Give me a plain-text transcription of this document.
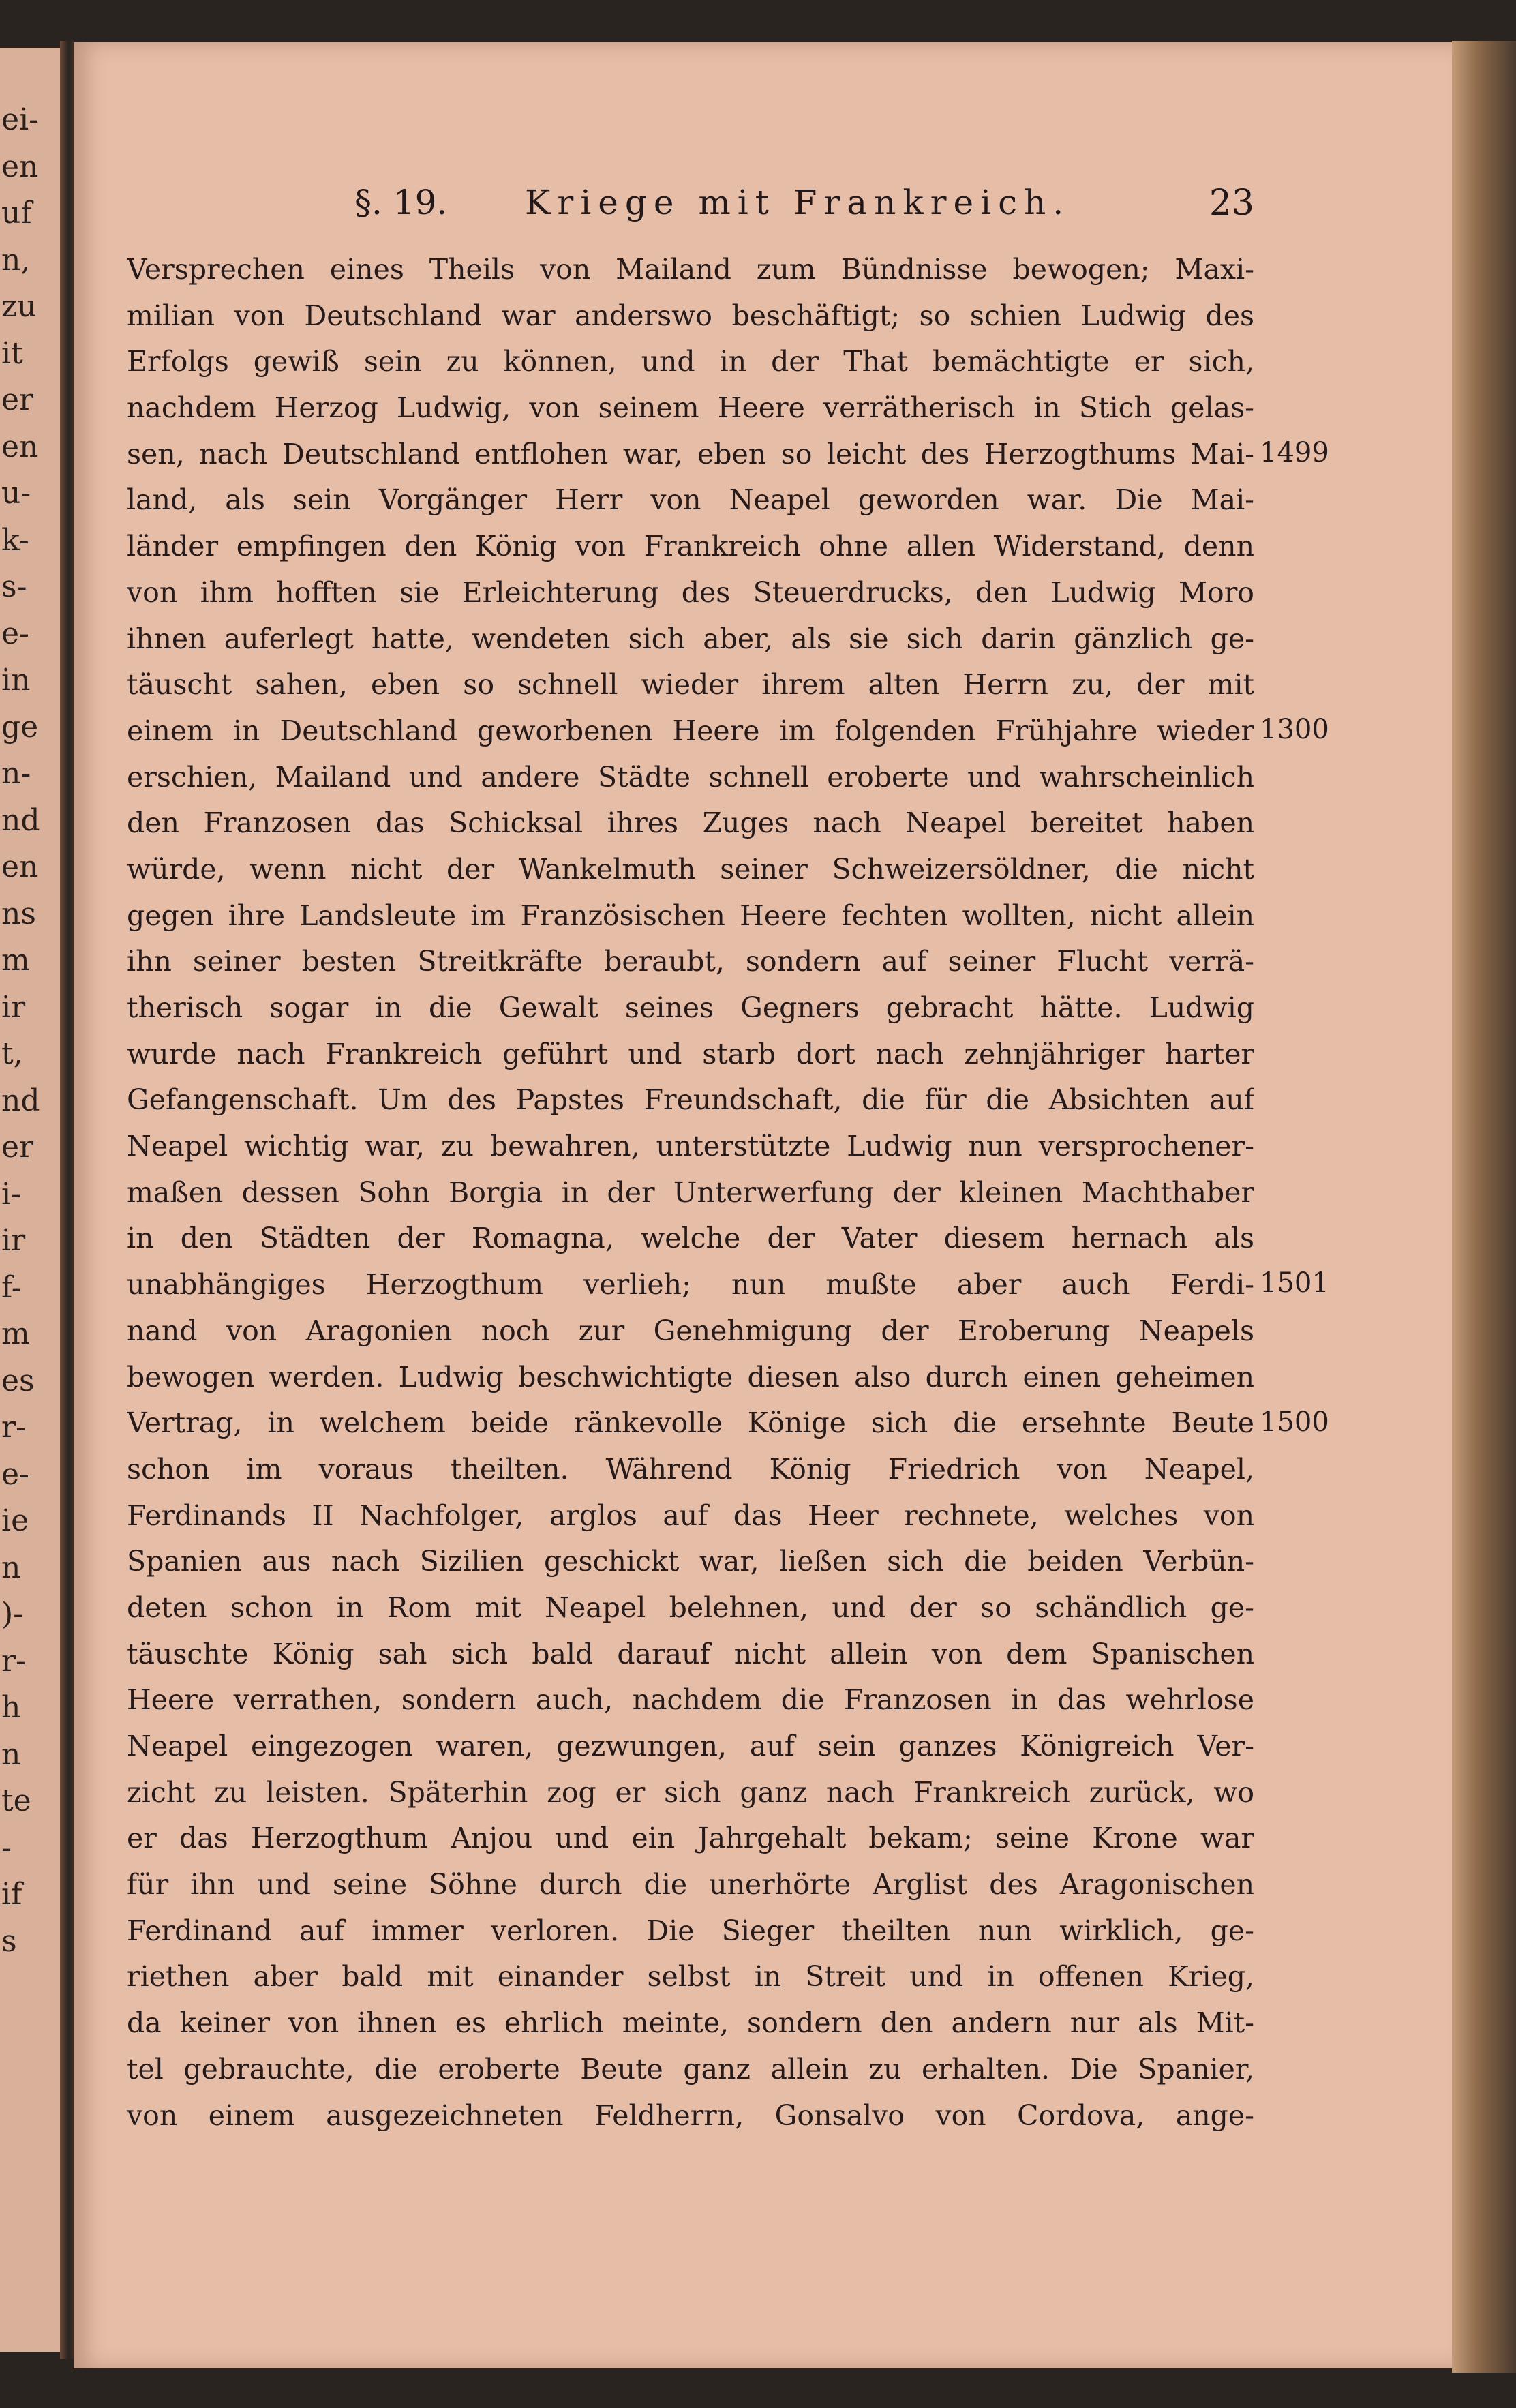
ei-
en
uf
n,
zu
it
er
en
u-
k-
s-
e-
in
ge
n-
nd
en
ns
m
ir
t,
nd
er
i-
ir
f-
m
es
r-
e-
ie
n
)-
r-
h
n
te
-
if
s
§. 19. Kriege mit Frankreich.	23
Versprechen eines Theils von Mailand zum Bündnisse bewogen; Maxi-
milian von Deutschland war anderswo beschäftigt; so schien Ludwig des
Erfolgs gewiß sein zu können, und in der That bemächtigte er sich,
nachdem Herzog Ludwig, von seinem Heere verrätherisch in Stich gelas-
sen, nach Deutschland entflohen war, eben so leicht des Herzogthums Mai-
land, als sein Vorgänger Herr von Neapel geworden war. Die Mai-
länder empfingen den König von Frankreich ohne allen Widerstand, denn
von ihm hofften sie Erleichterung des Steuerdrucks, den Ludwig Moro
ihnen auferlegt hatte, wendeten sich aber, als sie sich darin gänzlich ge-
täuscht sahen, eben so schnell wieder ihrem alten Herrn zu, der mit
einem in Deutschland geworbenen Heere im folgenden Frühjahre wieder
erschien, Mailand und andere Städte schnell eroberte und wahrscheinlich
den Franzosen das Schicksal ihres Zuges nach Neapel bereitet haben
würde, wenn nicht der Wankelmuth seiner Schweizersöldner, die nicht
gegen ihre Landsleute im Französischen Heere fechten wollten, nicht allein
ihn seiner besten Streitkräfte beraubt, sondern auf seiner Flucht verrä-
therisch sogar in die Gewalt seines Gegners gebracht hätte. Ludwig
wurde nach Frankreich geführt und starb dort nach zehnjähriger harter
Gefangenschaft. Um des Papstes Freundschaft, die für die Absichten auf
Neapel wichtig war, zu bewahren, unterstützte Ludwig nun versprochener-
maßen dessen Sohn Borgia in der Unterwerfung der kleinen Machthaber
in den Städten der Romagna, welche der Vater diesem hernach als
unabhängiges Herzogthum verlieh; nun mußte aber auch Ferdi-
nand von Aragonien noch zur Genehmigung der Eroberung Neapels
bewogen werden. Ludwig beschwichtigte diesen also durch einen geheimen
Vertrag, in welchem beide ränkevolle Könige sich die ersehnte Beute
schon im voraus theilten. Während König Friedrich von Neapel,
Ferdinands II Nachfolger, arglos auf das Heer rechnete, welches von
Spanien aus nach Sizilien geschickt war, ließen sich die beiden Verbün-
deten schon in Rom mit Neapel belehnen, und der so schändlich ge-
täuschte König sah sich bald darauf nicht allein von dem Spanischen
Heere verrathen, sondern auch, nachdem die Franzosen in das wehrlose
Neapel eingezogen waren, gezwungen, auf sein ganzes Königreich Ver-
zicht zu leisten. Späterhin zog er sich ganz nach Frankreich zurück, wo
er das Herzogthum Anjou und ein Jahrgehalt bekam; seine Krone war
für ihn und seine Söhne durch die unerhörte Arglist des Aragonischen
Ferdinand auf immer verloren. Die Sieger theilten nun wirklich, ge-
riethen aber bald mit einander selbst in Streit und in offenen Krieg,
da keiner von ihnen es ehrlich meinte, sondern den andern nur als Mit-
tel gebrauchte, die eroberte Beute ganz allein zu erhalten. Die Spanier,
von einem ausgezeichneten Feldherrn, Gonsalvo von Cordova, ange-
1499
1300
1501
1500
